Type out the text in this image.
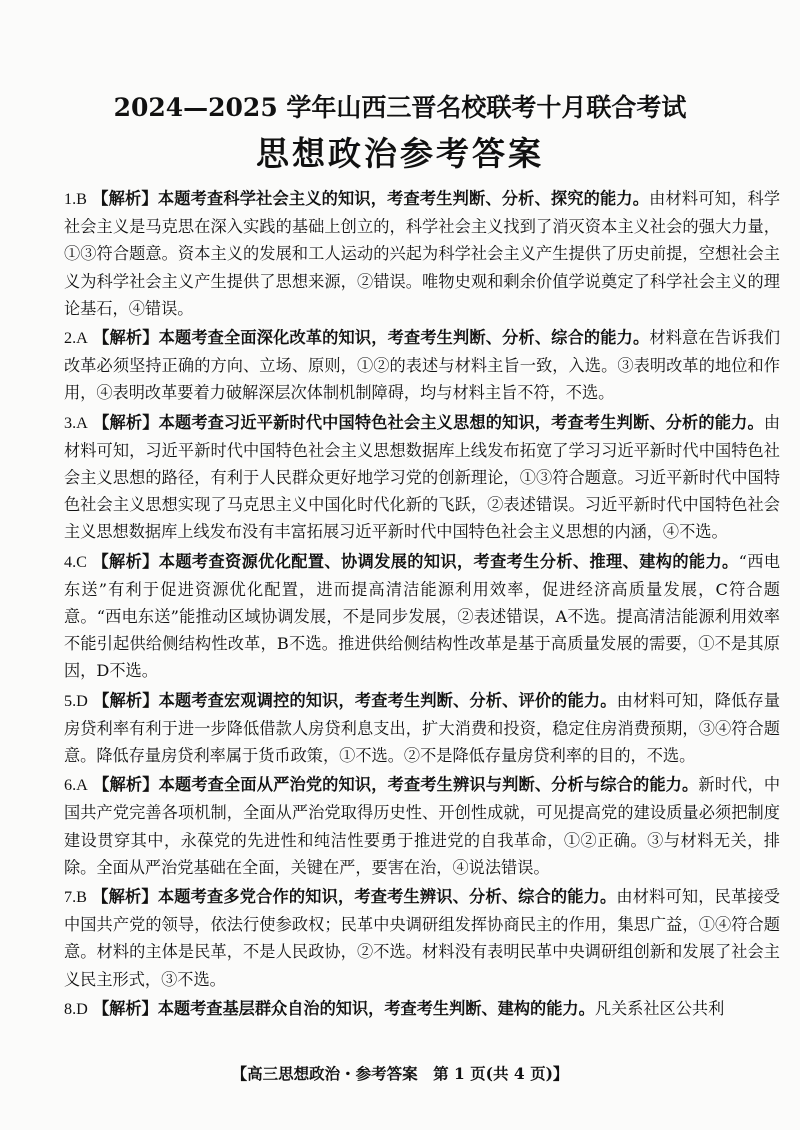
2024—2025 学年山西三晋名校联考十月联合考试
思想政治参考答案
1.B 【解析】本题考查科学社会主义的知识，考查考生判断、分析、探究的能力。由材料可知，科学社会主义是马克思在深入实践的基础上创立的，科学社会主义找到了消灭资本主义社会的强大力量，①③符合题意。资本主义的发展和工人运动的兴起为科学社会主义产生提供了历史前提，空想社会主义为科学社会主义产生提供了思想来源，②错误。唯物史观和剩余价值学说奠定了科学社会主义的理论基石，④错误。
2.A 【解析】本题考查全面深化改革的知识，考查考生判断、分析、综合的能力。材料意在告诉我们改革必须坚持正确的方向、立场、原则，①②的表述与材料主旨一致，入选。③表明改革的地位和作用，④表明改革要着力破解深层次体制机制障碍，均与材料主旨不符，不选。
3.A 【解析】本题考查习近平新时代中国特色社会主义思想的知识，考查考生判断、分析的能力。由材料可知，习近平新时代中国特色社会主义思想数据库上线发布拓宽了学习习近平新时代中国特色社会主义思想的路径，有利于人民群众更好地学习党的创新理论，①③符合题意。习近平新时代中国特色社会主义思想实现了马克思主义中国化时代化新的飞跃，②表述错误。习近平新时代中国特色社会主义思想数据库上线发布没有丰富拓展习近平新时代中国特色社会主义思想的内涵，④不选。
4.C 【解析】本题考查资源优化配置、协调发展的知识，考查考生分析、推理、建构的能力。“西电东送”有利于促进资源优化配置，进而提高清洁能源利用效率，促进经济高质量发展，C符合题意。“西电东送”能推动区域协调发展，不是同步发展，②表述错误，A不选。提高清洁能源利用效率不能引起供给侧结构性改革，B不选。推进供给侧结构性改革是基于高质量发展的需要，①不是其原因，D不选。
5.D 【解析】本题考查宏观调控的知识，考查考生判断、分析、评价的能力。由材料可知，降低存量房贷利率有利于进一步降低借款人房贷利息支出，扩大消费和投资，稳定住房消费预期，③④符合题意。降低存量房贷利率属于货币政策，①不选。②不是降低存量房贷利率的目的，不选。
6.A 【解析】本题考查全面从严治党的知识，考查考生辨识与判断、分析与综合的能力。新时代，中国共产党完善各项机制，全面从严治党取得历史性、开创性成就，可见提高党的建设质量必须把制度建设贯穿其中，永葆党的先进性和纯洁性要勇于推进党的自我革命，①②正确。③与材料无关，排除。全面从严治党基础在全面，关键在严，要害在治，④说法错误。
7.B 【解析】本题考查多党合作的知识，考查考生辨识、分析、综合的能力。由材料可知，民革接受中国共产党的领导，依法行使参政权；民革中央调研组发挥协商民主的作用，集思广益，①④符合题意。材料的主体是民革，不是人民政协，②不选。材料没有表明民革中央调研组创新和发展了社会主义民主形式，③不选。
8.D 【解析】本题考查基层群众自治的知识，考查考生判断、建构的能力。凡关系社区公共利
【高三思想政治・参考答案　第 1 页(共 4 页)】
